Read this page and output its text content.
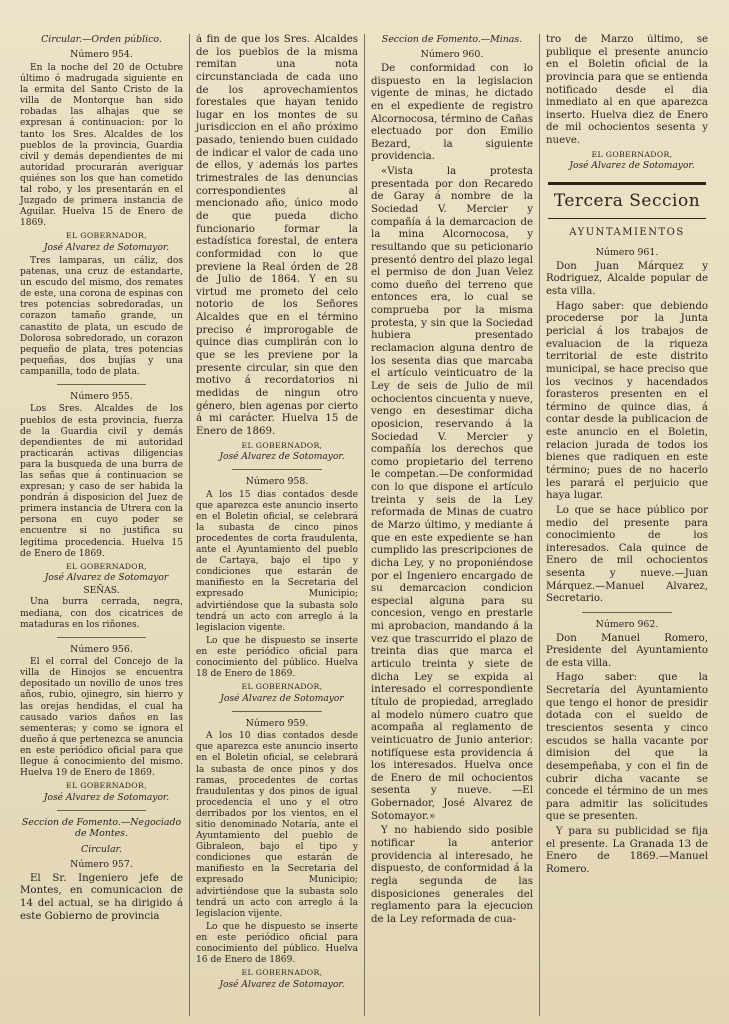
Circular.—Orden público.
Número 954.

En la noche del 20 de Octubre último ó madrugada siguiente en la ermita del Santo Cristo de la villa de Montorque han sido robadas las alhajas que se expresan á continuacion: por lo tanto los Sres. Alcaldes de los pueblos de la provincia, Guardia civil y demás dependientes de mi autoridad procurarán averiguar quiénes son los que han cometido tal robo, y los presentarán en el Juzgado de primera instancia de Aguilar. Huelva 15 de Enero de 1869.

EL GOBERNADOR,

José Alvarez de Sotomayor.

Tres lamparas, un cáliz, dos patenas, una cruz de estandarte, un escudo del mismo, dos remates de este, una corona de espinas con tres potencias sobredoradas, un corazon tamaño grande, un canastito de plata, un escudo de Dolorosa sobredorado, un corazon pequeño de plata, tres potencias pequeñas, dos bujías y una campanilla, todo de plata.

Número 955.

Los Sres. Alcaldes de los pueblos de esta provincia, fuerza de la Guardia civil y demás dependientes de mi autoridad practicarán activas diligencias para la busqueda de una burra de las señas que á continuacion se expresan; y caso de ser habida la pondrán á disposicion del Juez de primera instancia de Utrera con la persona en cuyo poder se encuentre si no justifica su legitima procedencia. Huelva 15 de Enero de 1869.

EL GOBERNADOR,

José Alvarez de Sotomayor

SEÑAS.

Una burra cerrada, negra, mediana, con dos cicatrices de mataduras en los riñones.

Número 956.

El el corral del Concejo de la villa de Hinojos se encuentra depositado un novillo de unos tres años, rubio, ojinegro, sin hierro y las orejas hendidas, el cual ha causado varios daños en las sementeras; y como se ignora el dueño á que pertenezca se anuncia en este periódico oficial para que llegue á conocimiento del mismo. Huelva 19 de Enero de 1869.

EL GOBERNADOR,

José Alvarez de Sotomayor.

Seccion de Fomento.—Negociado de Montes.
Circular.
Número 957.

El Sr. Ingeniero jefe de Montes, en comunicacion de 14 del actual, se ha dirigido á este Gobierno de provincia

á fin de que los Sres. Alcaldes de los pueblos de la misma remitan una nota circunstanciada de cada uno de los aprovechamientos forestales que hayan tenido lugar en los montes de su jurisdiccion en el año próximo pasado, teniendo buen cuidado de indicar el valor de cada uno de ellos, y además los partes trimestrales de las denuncias correspondientes al mencionado año, único modo de que pueda dicho funcionario formar la estadística forestal, de entera conformidad con lo que previene la Real órden de 28 de Julio de 1864. Y en su virtud me prometo del celo notorio de los Señores Alcaldes que en el término preciso é improrogable de quince dias cumplirán con lo que se les previene por la presente circular, sin que den motivo á recordatorios ni medidas de ningun otro género, bien agenas por cierto á mi carácter. Huelva 15 de Enero de 1869.

EL GOBERNADOR,

José Alvarez de Sotomayor.

Número 958.

A los 15 dias contados desde que aparezca este anuncio inserto en el Boletin oficial, se celebrará la subasta de cinco pinos procedentes de corta fraudulenta, ante el Ayuntamiento del pueblo de Cartaya, bajo el tipo y condiciones que estarán de manifiesto en la Secretaria del expresado Municipio; advirtiéndose que la subasta solo tendrá un acto con arreglo á la legislacion vigente.

Lo que he dispuesto se inserte en este periódico oficial para conocimiento del público. Huelva 18 de Enero de 1869.

EL GOBERNADOR,

José Alvarez de Sotomayor

Número 959.

A los 10 dias contados desde que aparezca este anuncio inserto en el Boletin oficial, se celebrará la subasta de once pinos y dos ramas, procedentes de cortas fraudulentas y dos pinos de igual procedencia el uno y el otro derribados por los vientos, en el sitio denominado Notaría, ante el Ayuntamiento del pueblo de Gibraleon, bajo el tipo y condiciones que estarán de manifiesto en la Secretaria del expresado Municipio; advirtiéndose que la subasta solo tendrá un acto con arreglo á la legislacion vijente.

Lo que he dispuesto se inserte en este periódico oficial para conocimiento del público. Huelva 16 de Enero de 1869.

EL GOBERNADOR,

José Alvarez de Sotomayor.

Seccion de Fomento.—Minas.
Número 960.

De conformidad con lo dispuesto en la legislacion vigente de minas, he dictado en el expediente de registro Alcornocosa, término de Cañas electuado por don Emilio Bezard, la siguiente providencia.

«Vista la protesta presentada por don Recaredo de Garay á nombre de la Sociedad V. Mercier y compañía á la demarcacion de la mina Alcornocosa, y resultando que su peticionario presentó dentro del plazo legal el permiso de don Juan Velez como dueño del terreno que entonces era, lo cual se comprueba por la misma protesta, y sin que la Sociedad hubiera presentado reclamacion alguna dentro de los sesenta dias que marcaba el artículo veinticuatro de la Ley de seis de Julio de mil ochocientos cincuenta y nueve, vengo en desestimar dicha oposicion, reservando á la Sociedad V. Mercier y compañía los derechos que como propietario del terreno le competan.—De conformidad con lo que dispone el artículo treinta y seis de la Ley reformada de Minas de cuatro de Marzo último, y mediante á que en este expediente se han cumplido las prescripciones de dicha Ley, y no proponiéndose por el Ingeniero encargado de su demarcacion condicion especial alguna para su concesion, vengo en prestarle mi aprobacion, mandando á la vez que trascurrido el plazo de treinta dias que marca el articulo treinta y siete de dicha Ley se expida al interesado el correspondiente título de propiedad, arreglado al modelo número cuatro que acompaña al reglamento de veinticuatro de Junio anterior: notifíquese esta providencia á los interesados. Huelva once de Enero de mil ochocientos sesenta y nueve. —El Gobernador, José Alvarez de Sotomayor.»

Y no habiendo sido posible notificar la anterior providencia al interesado, he dispuesto, de conformidad á la regla segunda de las disposiciones generales del reglamento para la ejecucion de la Ley reformada de cua-

tro de Marzo último, se publique el presente anuncio en el Boletin oficial de la provincia para que se entienda notificado desde el dia inmediato al en que aparezca inserto. Huelva diez de Enero de mil ochocientos sesenta y nueve.

EL GOBERNADOR,

José Alvarez de Sotomayor.

Tercera Seccion
AYUNTAMIENTOS
Número 961.

Don Juan Márquez y Rodriguez, Alcalde popular de esta villa.

Hago saber: que debiendo procederse por la Junta pericial á los trabajos de evaluacion de la riqueza territorial de este distrito municipal, se hace preciso que los vecinos y hacendados forasteros presenten en el término de quince dias, á contar desde la publicacion de este anuncio en el Boletin, relacion jurada de todos los bienes que radiquen en este término; pues de no hacerlo les parará el perjuicio que haya lugar.

Lo que se hace público por medio del presente para conocimiento de los interesados. Cala quince de Enero de mil ochocientos sesenta y nueve.—Juan Márquez.—Manuel Alvarez, Secretario.

Número 962.

Don Manuel Romero, Presidente del Ayuntamiento de esta villa.

Hago saber: que la Secretaría del Ayuntamiento que tengo el honor de presidir dotada con el sueldo de trescientos sesenta y cinco escudos se halla vacante por dimision del que la desempeñaba, y con el fin de cubrir dicha vacante se concede el término de un mes para admitir las solicitudes que se presenten.

Y para su publicidad se fija el presente. La Granada 13 de Enero de 1869.—Manuel Romero.
